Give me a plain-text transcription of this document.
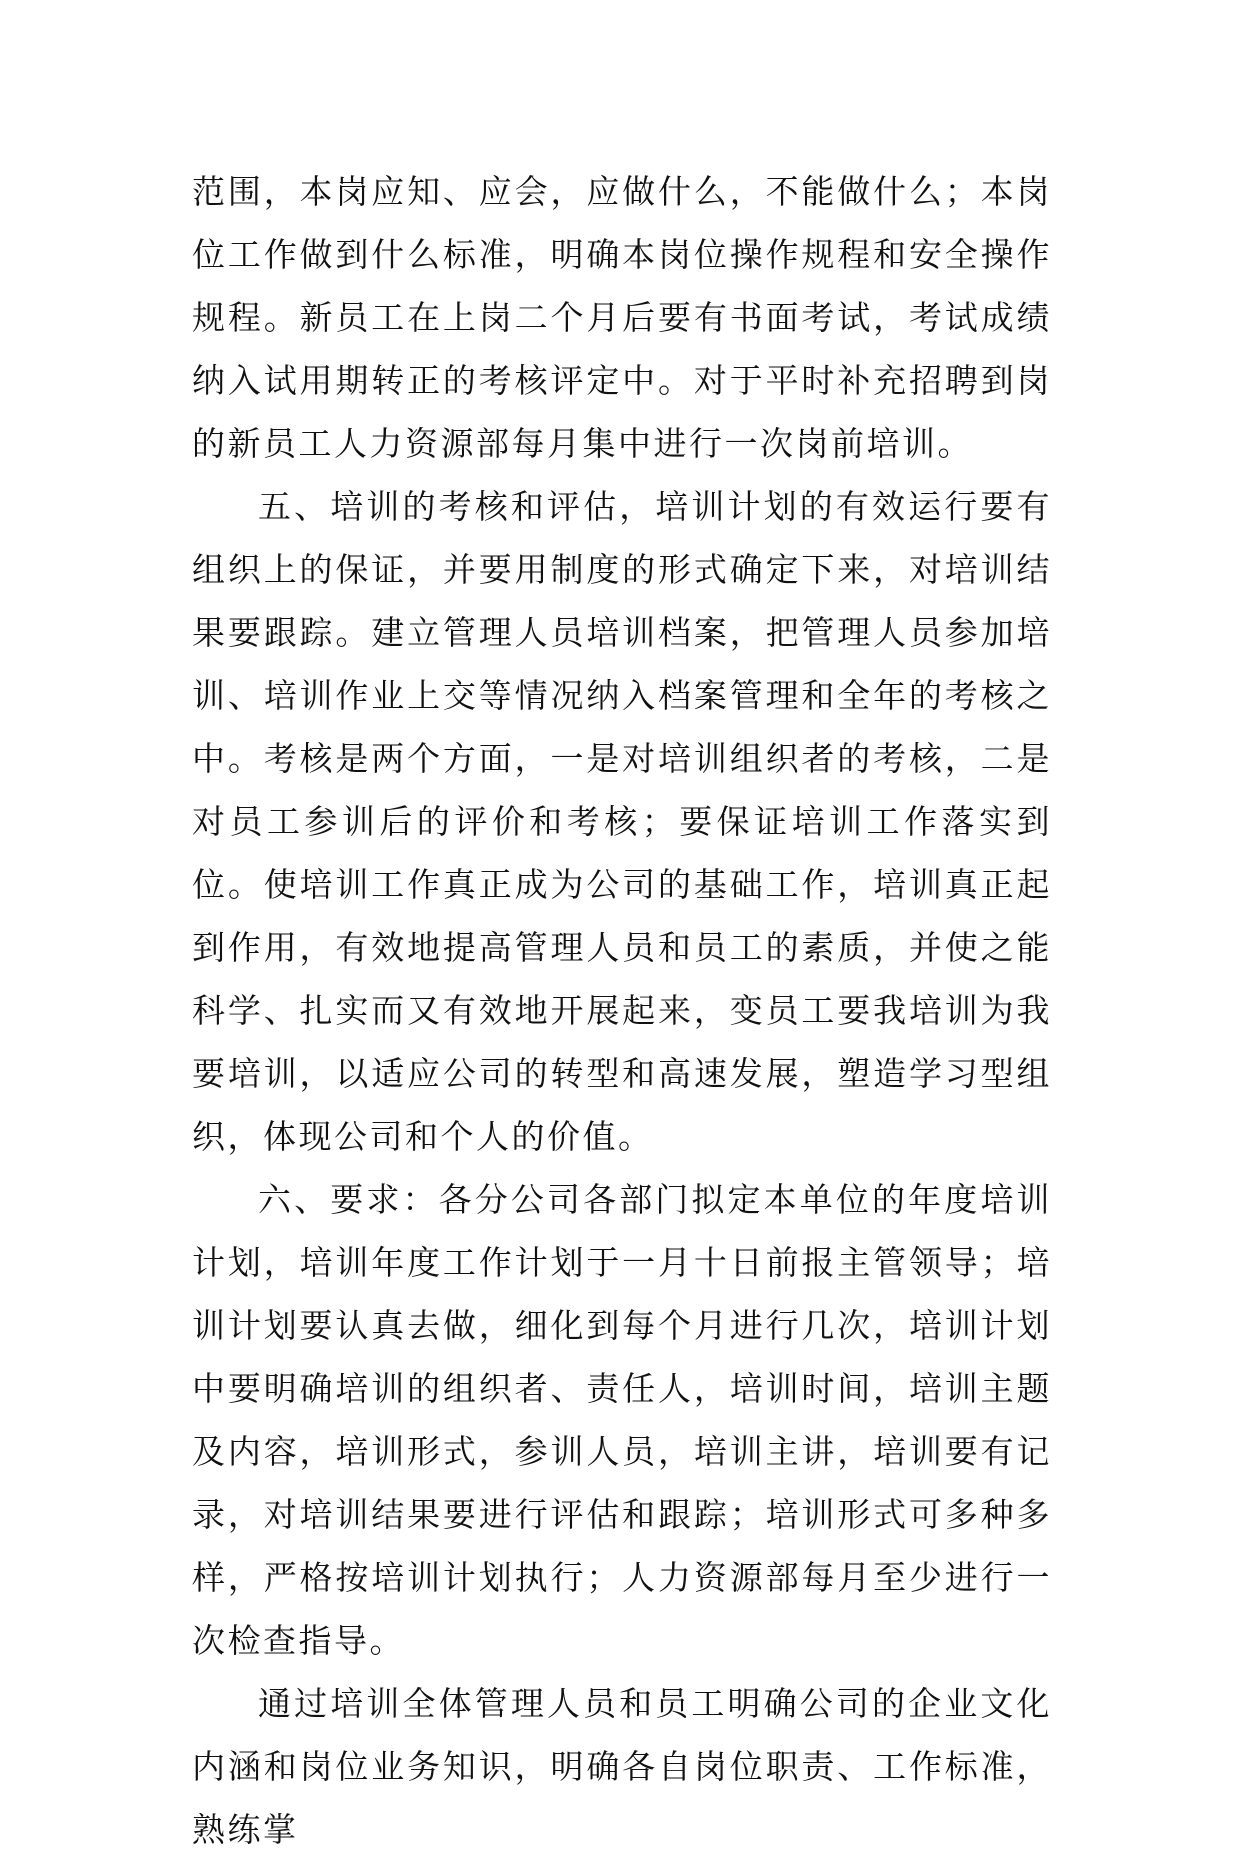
范围，本岗应知、应会，应做什么，不能做什么；本岗位工作做到什么标准，明确本岗位操作规程和安全操作规程。新员工在上岗二个月后要有书面考试，考试成绩纳入试用期转正的考核评定中。对于平时补充招聘到岗的新员工人力资源部每月集中进行一次岗前培训。

五、培训的考核和评估，培训计划的有效运行要有组织上的保证，并要用制度的形式确定下来，对培训结果要跟踪。建立管理人员培训档案，把管理人员参加培训、培训作业上交等情况纳入档案管理和全年的考核之中。考核是两个方面，一是对培训组织者的考核，二是对员工参训后的评价和考核；要保证培训工作落实到位。使培训工作真正成为公司的基础工作，培训真正起到作用，有效地提高管理人员和员工的素质，并使之能科学、扎实而又有效地开展起来，变员工要我培训为我要培训，以适应公司的转型和高速发展，塑造学习型组织，体现公司和个人的价值。

六、要求：各分公司各部门拟定本单位的年度培训计划，培训年度工作计划于一月十日前报主管领导；培训计划要认真去做，细化到每个月进行几次，培训计划中要明确培训的组织者、责任人，培训时间，培训主题及内容，培训形式，参训人员，培训主讲，培训要有记录，对培训结果要进行评估和跟踪；培训形式可多种多样，严格按培训计划执行；人力资源部每月至少进行一次检查指导。

通过培训全体管理人员和员工明确公司的企业文化内涵和岗位业务知识，明确各自岗位职责、工作标准，熟练掌
